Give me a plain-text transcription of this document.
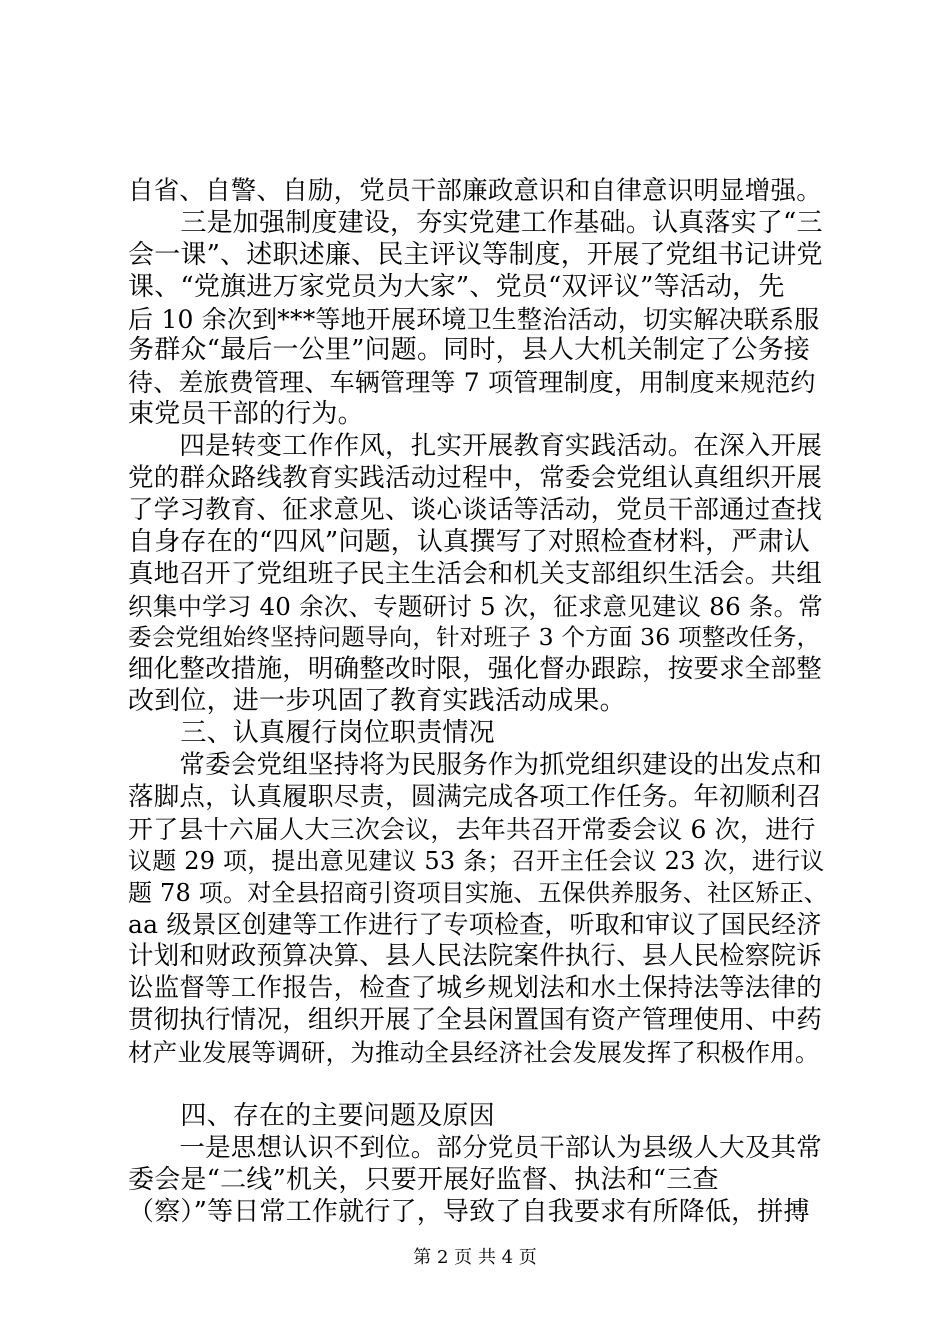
自省、自警、自励，党员干部廉政意识和自律意识明显增强。
　　三是加强制度建设，夯实党建工作基础。认真落实了“三
会一课”、述职述廉、民主评议等制度，开展了党组书记讲党
课、“党旗进万家党员为大家”、党员“双评议”等活动，先
后 10 余次到***等地开展环境卫生整治活动，切实解决联系服
务群众“最后一公里”问题。同时，县人大机关制定了公务接
待、差旅费管理、车辆管理等 7 项管理制度，用制度来规范约
束党员干部的行为。
　　四是转变工作作风，扎实开展教育实践活动。在深入开展
党的群众路线教育实践活动过程中，常委会党组认真组织开展
了学习教育、征求意见、谈心谈话等活动，党员干部通过查找
自身存在的“四风”问题，认真撰写了对照检查材料，严肃认
真地召开了党组班子民主生活会和机关支部组织生活会。共组
织集中学习 40 余次、专题研讨 5 次，征求意见建议 86 条。常
委会党组始终坚持问题导向，针对班子 3 个方面 36 项整改任务，
细化整改措施，明确整改时限，强化督办跟踪，按要求全部整
改到位，进一步巩固了教育实践活动成果。
　　三、认真履行岗位职责情况
　　常委会党组坚持将为民服务作为抓党组织建设的出发点和
落脚点，认真履职尽责，圆满完成各项工作任务。年初顺利召
开了县十六届人大三次会议，去年共召开常委会议 6 次，进行
议题 29 项，提出意见建议 53 条；召开主任会议 23 次，进行议
题 78 项。对全县招商引资项目实施、五保供养服务、社区矫正、
aa 级景区创建等工作进行了专项检查，听取和审议了国民经济
计划和财政预算决算、县人民法院案件执行、县人民检察院诉
讼监督等工作报告，检查了城乡规划法和水土保持法等法律的
贯彻执行情况，组织开展了全县闲置国有资产管理使用、中药
材产业发展等调研，为推动全县经济社会发展发挥了积极作用。
　　四、存在的主要问题及原因
　　一是思想认识不到位。部分党员干部认为县级人大及其常
委会是“二线”机关，只要开展好监督、执法和“三查
（察）”等日常工作就行了，导致了自我要求有所降低，拼搏
第 2 页 共 4 页
